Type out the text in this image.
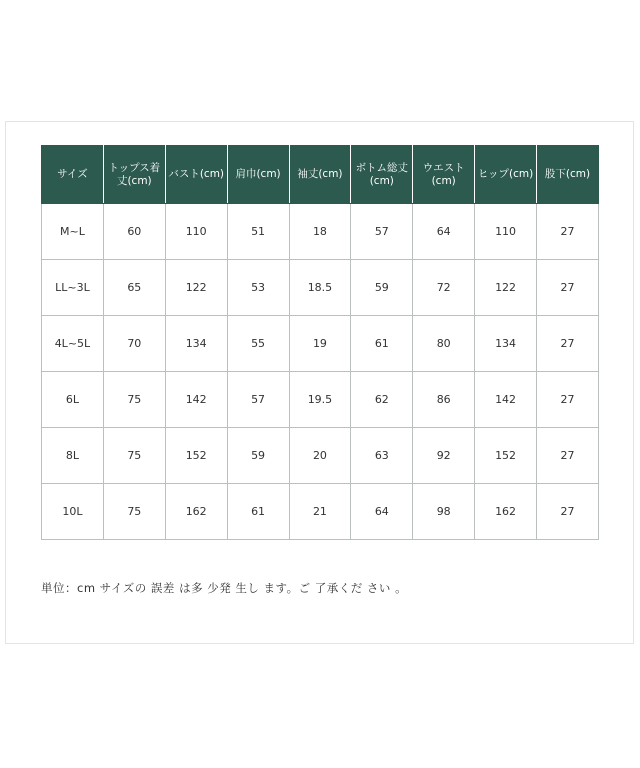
サイズ	トップス着丈(cm)	バスト(cm)	肩巾(cm)	袖丈(cm)	ボトム総丈(cm)	ウエスト(cm)	ヒップ(cm)	股下(cm)
M~L	60	110	51	18	57	64	110	27
LL~3L	65	122	53	18.5	59	72	122	27
4L~5L	70	134	55	19	61	80	134	27
6L	75	142	57	19.5	62	86	142	27
8L	75	152	59	20	63	92	152	27
10L	75	162	61	21	64	98	162	27
単位：cm サイズの 誤差 は多 少発 生し ます。ご 了承くだ さい 。
